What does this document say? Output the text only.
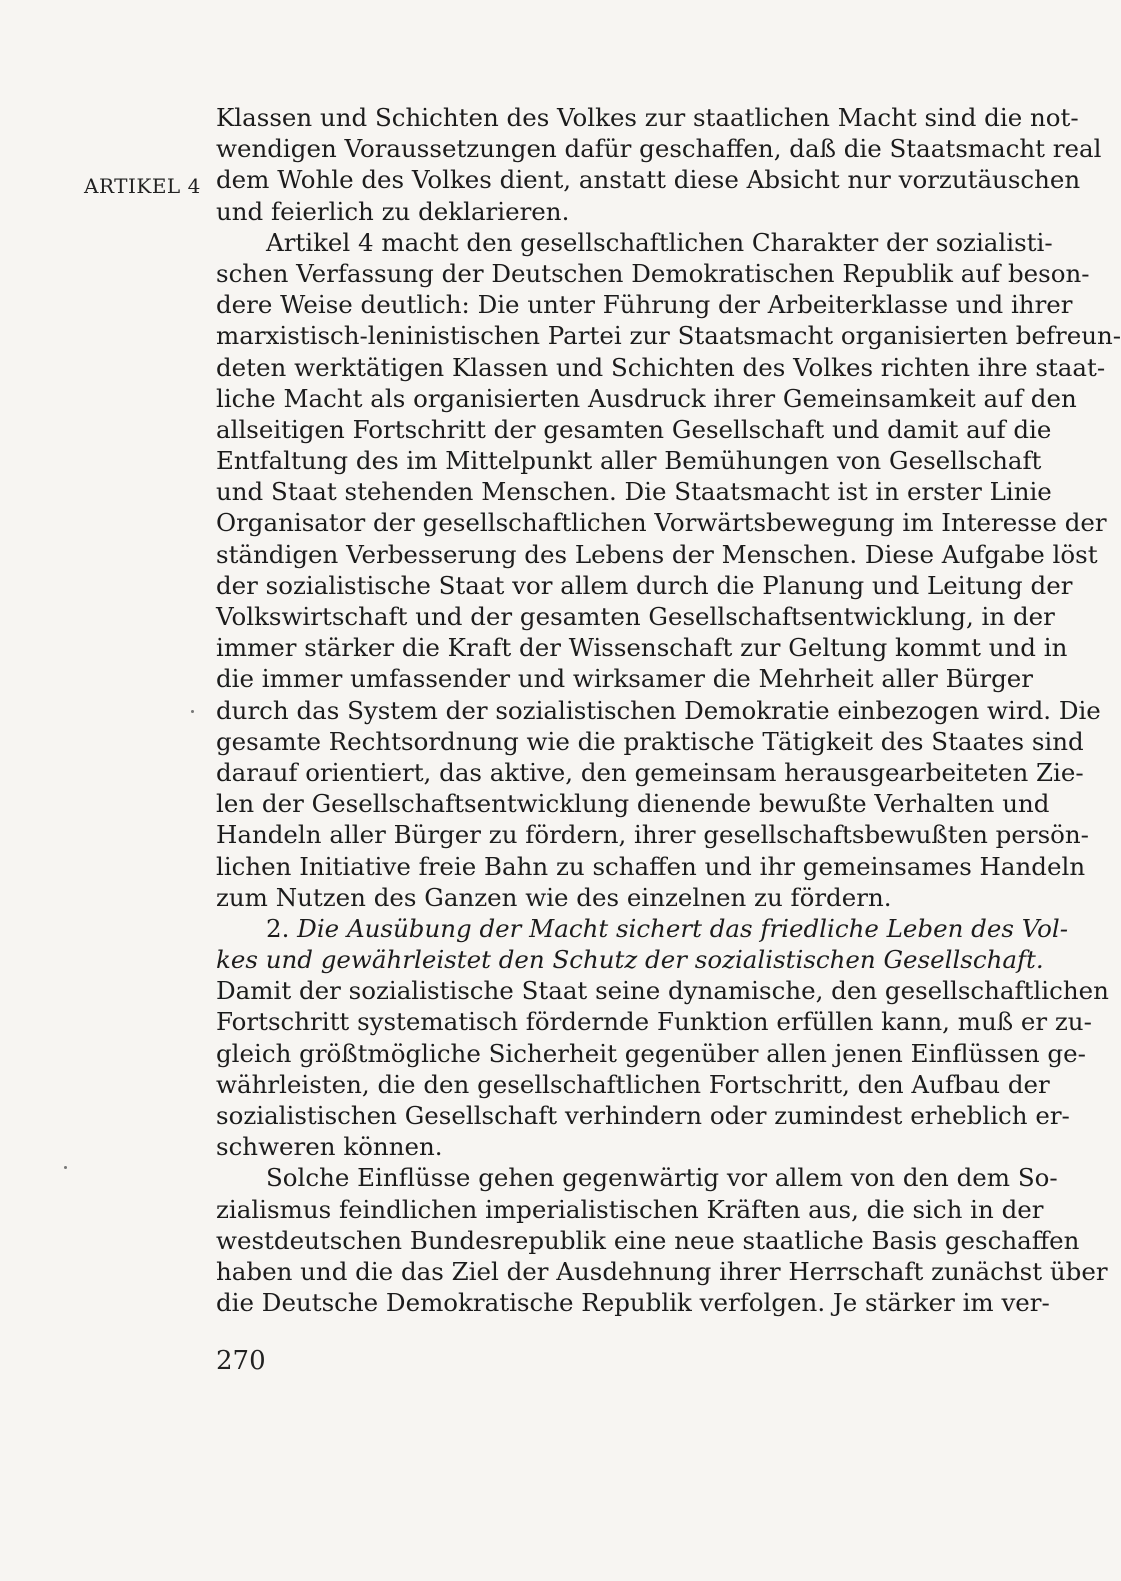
ARTIKEL 4
Klassen und Schichten des Volkes zur staatlichen Macht sind die not-
wendigen Voraussetzungen dafür geschaffen, daß die Staatsmacht real
dem Wohle des Volkes dient, anstatt diese Absicht nur vorzutäuschen
und feierlich zu deklarieren.
Artikel 4 macht den gesellschaftlichen Charakter der sozialisti-
schen Verfassung der Deutschen Demokratischen Republik auf beson-
dere Weise deutlich: Die unter Führung der Arbeiterklasse und ihrer
marxistisch-leninistischen Partei zur Staatsmacht organisierten befreun-
deten werktätigen Klassen und Schichten des Volkes richten ihre staat-
liche Macht als organisierten Ausdruck ihrer Gemeinsamkeit auf den
allseitigen Fortschritt der gesamten Gesellschaft und damit auf die
Entfaltung des im Mittelpunkt aller Bemühungen von Gesellschaft
und Staat stehenden Menschen. Die Staatsmacht ist in erster Linie
Organisator der gesellschaftlichen Vorwärtsbewegung im Interesse der
ständigen Verbesserung des Lebens der Menschen. Diese Aufgabe löst
der sozialistische Staat vor allem durch die Planung und Leitung der
Volkswirtschaft und der gesamten Gesellschaftsentwicklung, in der
immer stärker die Kraft der Wissenschaft zur Geltung kommt und in
die immer umfassender und wirksamer die Mehrheit aller Bürger
durch das System der sozialistischen Demokratie einbezogen wird. Die
gesamte Rechtsordnung wie die praktische Tätigkeit des Staates sind
darauf orientiert, das aktive, den gemeinsam herausgearbeiteten Zie-
len der Gesellschaftsentwicklung dienende bewußte Verhalten und
Handeln aller Bürger zu fördern, ihrer gesellschaftsbewußten persön-
lichen Initiative freie Bahn zu schaffen und ihr gemeinsames Handeln
zum Nutzen des Ganzen wie des einzelnen zu fördern.
2. Die Ausübung der Macht sichert das friedliche Leben des Vol-
kes und gewährleistet den Schutz der sozialistischen Gesellschaft.
Damit der sozialistische Staat seine dynamische, den gesellschaftlichen
Fortschritt systematisch fördernde Funktion erfüllen kann, muß er zu-
gleich größtmögliche Sicherheit gegenüber allen jenen Einflüssen ge-
währleisten, die den gesellschaftlichen Fortschritt, den Aufbau der
sozialistischen Gesellschaft verhindern oder zumindest erheblich er-
schweren können.
Solche Einflüsse gehen gegenwärtig vor allem von den dem So-
zialismus feindlichen imperialistischen Kräften aus, die sich in der
westdeutschen Bundesrepublik eine neue staatliche Basis geschaffen
haben und die das Ziel der Ausdehnung ihrer Herrschaft zunächst über
die Deutsche Demokratische Republik verfolgen. Je stärker im ver-
270
